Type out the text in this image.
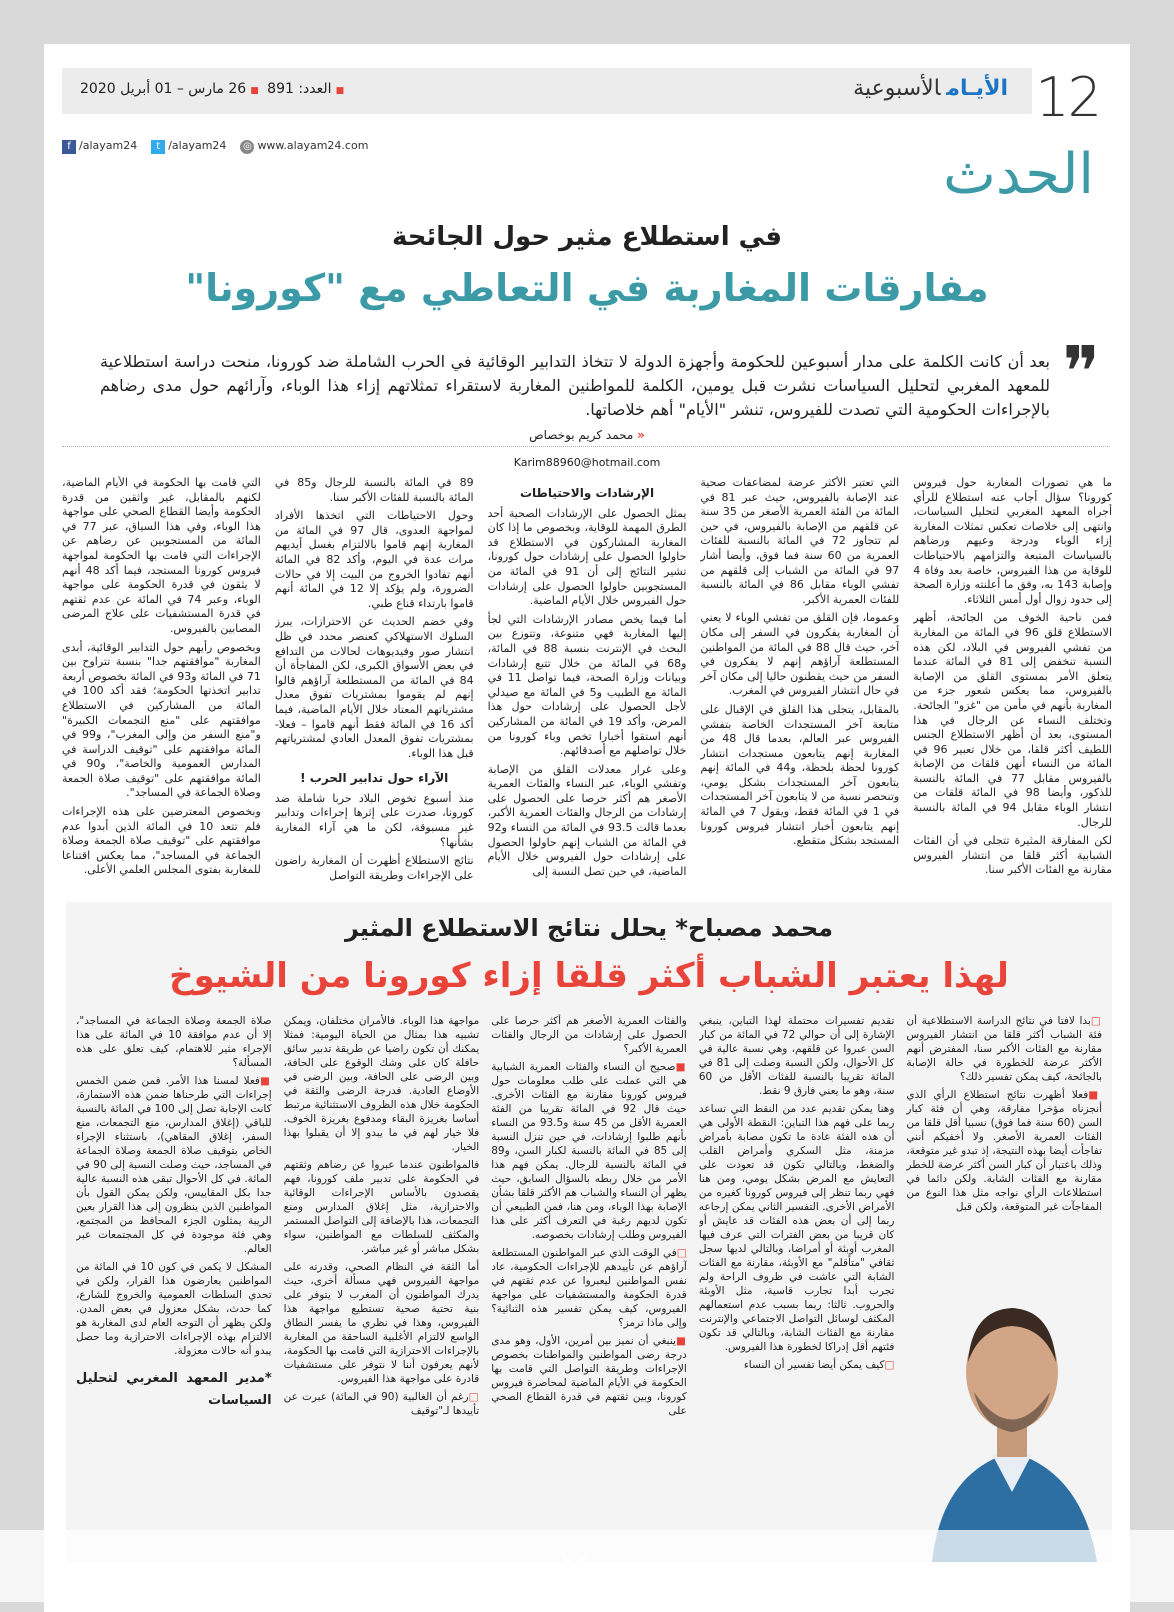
■العدد: 891 ■26 مارس – 01 أبريل 2020	الأيـامالأسبوعية	12
f /alayam24	t /alayam24 ◎ www.alayam24.com	الحدث
في استطلاع مثير حول الجائحة
مفارقات المغاربة في التعاطي مع "كورونا"
❞
بعد أن كانت الكلمة على مدار أسبوعين للحكومة وأجهزة الدولة لا تتخاذ التدابير الوقائية في الحرب الشاملة ضد كورونا، منحت دراسة استطلاعية للمعهد المغربي لتحليل السياسات نشرت قبل يومين، الكلمة للمواطنين المغاربة لاستقراء تمثلاتهم إزاء هذا الوباء، وآرائهم حول مدى رضاهم بالإجراءات الحكومية التي تصدت للفيروس، تنشر "الأيام" أهم خلاصاتها.
« محمد كريم بوخصاص
Karim88960@hotmail.com

ما هي تصورات المغاربة حول فيروس كورونا؟ سؤال أجاب عنه استطلاع للرأي أجراه المعهد المغربي لتحليل السياسات، وانتهى إلى خلاصات تعكس تمثلات المغاربة إزاء الوباء ودرجة وعيهم ورضاهم بالسياسات المتبعة والتزامهم بالاحتياطات للوقاية من هذا الفيروس، خاصة بعد وفاة 4 وإصابة 143 به، وفق ما أعلنته وزارة الصحة إلى حدود زوال أول أمس الثلاثاء.

فمن ناحية الخوف من الجائحة، أظهر الاستطلاع قلق 96 في المائة من المغاربة من تفشي الفيروس في البلاد، لكن هذه النسبة تنخفض إلى 81 في المائة عندما يتعلق الأمر بمستوى القلق من الإصابة بالفيروس، مما يعكس شعور جزء من المغاربة بأنهم في مأمن من "غزو" الجائحة. وتختلف النساء عن الرجال في هذا المستوى، بعد أن أظهر الاستطلاع الجنس اللطيف أكثر قلقا، من خلال تعبير 96 في المائة من النساء أنهن قلقات من الإصابة بالفيروس مقابل 77 في المائة بالنسبة للذكور، وأيضا 98 في المائة قلقات من انتشار الوباء مقابل 94 في المائة بالنسبة للرجال.

لكن المفارقة المثيرة تتجلى في أن الفئات الشبابية أكثر قلقا من انتشار الفيروس مقارنة مع الفئات الأكبر سنا.

التي تعتبر الأكثر عرضة لمضاعفات صحية عند الإصابة بالفيروس، حيث عبر 81 في المائة من الفئة العمرية الأصغر من 35 سنة عن قلقهم من الإصابة بالفيروس، في حين لم تتجاوز 72 في المائة بالنسبة للفئات العمرية من 60 سنة فما فوق، وأيضا أشار 97 في المائة من الشباب إلى قلقهم من تفشي الوباء مقابل 86 في المائة بالنسبة للفئات العمرية الأكبر.

وعموما، فإن القلق من تفشي الوباء لا يعني أن المغاربة يفكرون في السفر إلى مكان آخر، حيث قال 88 في المائة من المواطنين المستطلعة آراؤهم إنهم لا يفكرون في السفر من حيث يقطنون حاليا إلى مكان آخر في حال انتشار الفيروس في المغرب.

بالمقابل، يتجلى هذا القلق في الإقبال على متابعة آخر المستجدات الخاصة بتفشي الفيروس عبر العالم، بعدما قال 48 من المغاربة إنهم يتابعون مستجدات انتشار كورونا لحظة بلحظة، و44 في المائة إنهم يتابعون آخر المستجدات بشكل يومي، وتنحصر نسبة من لا يتابعون آخر المستجدات في 1 في المائة فقط، ويقول 7 في المائة إنهم يتابعون أخبار انتشار فيروس كورونا المستجد بشكل متقطع.

الإرشادات والاحتياطات

يمثل الحصول على الإرشادات الصحية أحد الطرق المهمة للوقاية، وبخصوص ما إذا كان المغاربة المشاركون في الاستطلاع قد حاولوا الحصول على إرشادات حول كورونا، تشير النتائج إلى أن 91 في المائة من المستجوبين حاولوا الحصول على إرشادات حول الفيروس خلال الأيام الماضية.

أما فيما يخص مصادر الإرشادات التي لجأ إليها المغاربة فهي متنوعة، وتتوزع بين البحث في الإنترنت بنسبة 88 في المائة، و68 في المائة من خلال تتبع إرشادات وبيانات وزارة الصحة، فيما تواصل 11 في المائة مع الطبيب و5 في المائة مع صيدلي لأجل الحصول على إرشادات حول هذا المرض، وأكد 19 في المائة من المشاركين أنهم استقوا أخبارا تخص وباء كورونا من خلال تواصلهم مع أصدقائهم.

وعلى غرار معدلات القلق من الإصابة وتفشي الوباء، عبر النساء والفئات العمرية الأصغر هم أكثر حرصا على الحصول على إرشادات من الرجال والفئات العمرية الأكبر، بعدما قالت 93.5 في المائة من النساء و92 في المائة من الشباب إنهم حاولوا الحصول على إرشادات حول الفيروس خلال الأيام الماضية، في حين تصل النسبة إلى

89 في المائة بالنسبة للرجال و85 في المائة بالنسبة للفئات الأكبر سنا.

وحول الاحتياطات التي اتخذها الأفراد لمواجهة العدوى، قال 97 في المائة من المغاربة إنهم قاموا بالالتزام بغسل أيديهم مرات عدة في اليوم، وأكد 82 في المائة أنهم تفادوا الخروج من البيت إلا في حالات الضرورة، ولم يؤكد إلا 12 في المائة أنهم قاموا بارتداء قناع طبي.

وفي خضم الحديث عن الاحترازات، يبرز السلوك الاستهلاكي كعنصر محدد في ظل انتشار صور وفيديوهات لحالات من التدافع في بعض الأسواق الكبرى، لكن المفاجأة أن 84 في المائة من المستطلعة آراؤهم قالوا إنهم لم يقوموا بمشتريات تفوق معدل مشترياتهم المعتاد خلال الأيام الماضية، فيما أكد 16 في المائة فقط أنهم قاموا – فعلا- بمشتريات تفوق المعدل العادي لمشترياتهم قبل هذا الوباء.

الآراء حول تدابير الحرب !

منذ أسبوع تخوض البلاد حربا شاملة ضد كورونا، صدرت على إثرها إجراءات وتدابير غير مسبوقة، لكن ما هي آراء المغاربة بشأنها؟

نتائج الاستطلاع أظهرت أن المغاربة راضون على الإجراءات وطريقة التواصل

التي قامت بها الحكومة في الأيام الماضية، لكنهم بالمقابل، غير واثقين من قدرة الحكومة وأيضا القطاع الصحي على مواجهة هذا الوباء، وفي هذا السياق، عبر 77 في المائة من المستجوبين عن رضاهم عن الإجراءات التي قامت بها الحكومة لمواجهة فيروس كورونا المستجد، فيما أكد 48 أنهم لا يثقون في قدرة الحكومة على مواجهة الوباء، وعبر 74 في المائة عن عدم ثقتهم في قدرة المستشفيات على علاج المرضى المصابين بالفيروس.

وبخصوص رأيهم حول التدابير الوقائية، أبدى المغاربة "موافقتهم جدا" بنسبة تتراوح بين 71 في المائة و93 في المائة بخصوص أربعة تدابير اتخذتها الحكومة؛ فقد أكد 100 في المائة من المشاركين في الاستطلاع موافقتهم على "منع التجمعات الكبيرة" و"منع السفر من وإلى المغرب"، و99 في المائة موافقتهم على "توقيف الدراسة في المدارس العمومية والخاصة"، و90 في المائة موافقتهم على "توقيف صلاة الجمعة وصلاة الجماعة في المساجد".

وبخصوص المعترضين على هذه الإجراءات فلم تتعد 10 في المائة الذين أبدوا عدم موافقتهم على "توقيف صلاة الجمعة وصلاة الجماعة في المساجد"، مما يعكس اقتناعا للمغاربة بفتوى المجلس العلمي الأعلى.

محمد مصباح* يحلل نتائج الاستطلاع المثير
لهذا يعتبر الشباب أكثر قلقا إزاء كورونا من الشيوخ

□بدا لافتا في نتائج الدراسة الاستطلاعية أن فئة الشباب أكثر قلقا من انتشار الفيروس مقارنة مع الفئات الأكبر سنا، المفترض أنهم الأكثر عرضة للخطورة في حالة الإصابة بالجائحة، كيف يمكن تفسير ذلك؟

■فعلا أظهرت نتائج استطلاع الرأي الذي أنجزناه مؤخرا مفارقة، وهي أن فئة كبار السن (60 سنة فما فوق) نسبيا أقل قلقا من الفئات العمرية الأصغر. ولا أخفيكم أنني تفاجأت أيضا بهذه النتيجة، إذ تبدو غير متوقعة، وذلك باعتبار أن كبار السن أكثر عرضة للخطر مقارنة مع الفئات الشابة. ولكن دائما في استطلاعات الرأي نواجه مثل هذا النوع من المفاجآت غير المتوقعة، ولكن قبل

تقديم تفسيرات محتملة لهذا التباين، ينبغي الإشارة إلى أن حوالي 72 في المائة من كبار السن عبروا عن قلقهم، وهي نسبة عالية في كل الأحوال، ولكن النسبة وصلت إلى 81 في المائة تقريبا بالنسبة للفئات الأقل من 60 سنة، وهو ما يعني فارق 9 نقط.

وهنا يمكن تقديم عدد من النقط التي تساعد ربما على فهم هذا التباين: النقطة الأولى هي أن هذه الفئة عادة ما تكون مصابة بأمراض مزمنة، مثل السكري وأمراض القلب والضغط، وبالتالي تكون قد تعودت على التعايش مع المرض بشكل يومي، ومن هنا فهي ربما تنظر إلى فيروس كورونا كغيره من الأمراض الأخرى. التفسير الثاني يمكن إرجاعه ربما إلى أن بعض هذه الفئات قد عايش أو كان قريبا من بعض الفترات التي عرف فيها المغرب أوبئة أو أمراضا، وبالتالي لديها سجل ثقافي "متأقلم" مع الأوبئة، مقارنة مع الفئات الشابة التي عاشت في ظروف الراحة ولم تجرب أبدا تجارب قاسية، مثل الأوبئة والحروب. ثالثا: ربما بسبب عدم استعمالهم المكثف لوسائل التواصل الاجتماعي والإنترنت مقارنة مع الفئات الشابة، وبالتالي قد تكون فئتهم أقل إدراكا لخطورة هذا الفيروس.

□كيف يمكن أيضا تفسير أن النساء

والفئات العمرية الأصغر هم أكثر حرصا على الحصول على إرشادات من الرجال والفئات العمرية الأكبر؟

■صحيح أن النساء والفئات العمرية الشبابية هي التي عملت على طلب معلومات حول فيروس كورونا مقارنة مع الفئات الأخرى. حيث قال 92 في المائة تقريبا من الفئة العمرية الأقل من 45 سنة و93.5 من النساء بأنهم طلبوا إرشادات، في حين تنزل النسبة إلى 85 في المائة بالنسبة لكبار السن، و89 في المائة بالنسبة للرجال. يمكن فهم هذا الأمر من خلال ربطه بالسؤال السابق، حيث يظهر أن النساء والشباب هم الأكثر قلقا بشأن الإصابة بهذا الوباء، ومن هنا، فمن الطبيعي أن تكون لديهم رغبة في التعرف أكثر على هذا الفيروس وطلب إرشادات بخصوصه.

□في الوقت الذي عبر المواطنون المستطلعة آراؤهم عن تأييدهم للإجراءات الحكومية، عاد نفس المواطنين ليعبروا عن عدم ثقتهم في قدرة الحكومة والمستشفيات على مواجهة الفيروس، كيف يمكن تفسير هذه الثنائية؟ وإلى ماذا ترمز؟

■ينبغي أن نميز بين أمرين، الأول، وهو مدى درجة رضى المواطنين والمواطنات بخصوص الإجراءات وطريقة التواصل التي قامت بها الحكومة في الأيام الماضية لمحاصرة فيروس كورونا، وبين ثقتهم في قدرة القطاع الصحي على

مواجهة هذا الوباء. فالأمران مختلفان، ويمكن تشبيه هذا بمثال من الحياة اليومية: فمثلا يمكنك أن تكون راضيا عن طريقة تدبير سائق حافلة كان على وشك الوقوع على الحافة، وبين الرضى على الحافة، وبين الرضى في الأوضاع العادية. فدرجة الرضى والثقة في الحكومة خلال هذه الظروف الاستثنائية مرتبط أساسا بغريزة البقاء ومدفوع بغريزة الخوف. فلا خيار لهم في ما يبدو إلا أن يقبلوا بهذا الخيار.

فالمواطنون عندما عبروا عن رضاهم وثقتهم في الحكومة على تدبير ملف كورونا، فهم يقصدون بالأساس الإجراءات الوقائية والاحترازية، مثل إغلاق المدارس ومنع التجمعات، هذا بالإضافة إلى التواصل المستمر والمكثف للسلطات مع المواطنين، سواء بشكل مباشر أو غير مباشر.

أما الثقة في النظام الصحي، وقدرته على مواجهة الفيروس فهي مسألة أخرى، حيث يدرك المواطنون أن المغرب لا يتوفر على بنية تحتية صحية تستطيع مواجهة هذا الفيروس، وهذا في نظري ما يفسر النطاق الواسع لالتزام الأغلبية الساحقة من المغاربة بالإجراءات الاحترازية التي قامت بها الحكومة، لأنهم يعرفون أننا لا نتوفر على مستشفيات قادرة على مواجهة هذا الفيروس.

□رغم أن الغالبية (90 في المائة) عبرت عن تأييدها لـ"توقيف

صلاة الجمعة وصلاة الجماعة في المساجد"، إلا أن عدم موافقة 10 في المائة على هذا الإجراء مثير للاهتمام، كيف تعلق على هذه المسألة؟

■فعلا لمسنا هذا الأمر. فمن ضمن الخمس إجراءات التي طرحناها ضمن هذه الاستمارة، كانت الإجابة تصل إلى 100 في المائة بالنسبة للباقي (إغلاق المدارس، منع التجمعات، منع السفر، إغلاق المقاهي)، باستثناء الإجراء الخاص بتوقيف صلاة الجمعة وصلاة الجماعة في المساجد، حيث وصلت النسبة إلى 90 في المائة. في كل الأحوال تبقى هذه النسبة عالية جدا بكل المقاييس، ولكن يمكن القول بأن المواطنين الذين ينظرون إلى هذا القرار بعين الريبة يمثلون الجزء المحافظ من المجتمع، وهي فئة موجودة في كل المجتمعات عبر العالم.

المشكل لا يكمن في كون 10 في المائة من المواطنين يعارضون هذا القرار، ولكن في تحدي السلطات العمومية والخروج للشارع، كما حدث، بشكل معزول في بعض المدن. ولكن يظهر أن التوجه العام لدى المغاربة هو الالتزام بهذه الإجراءات الاحترازية وما حصل يبدو أنه حالات معزولة.

*مدير المعهد المغربي لتحليل السياسات
